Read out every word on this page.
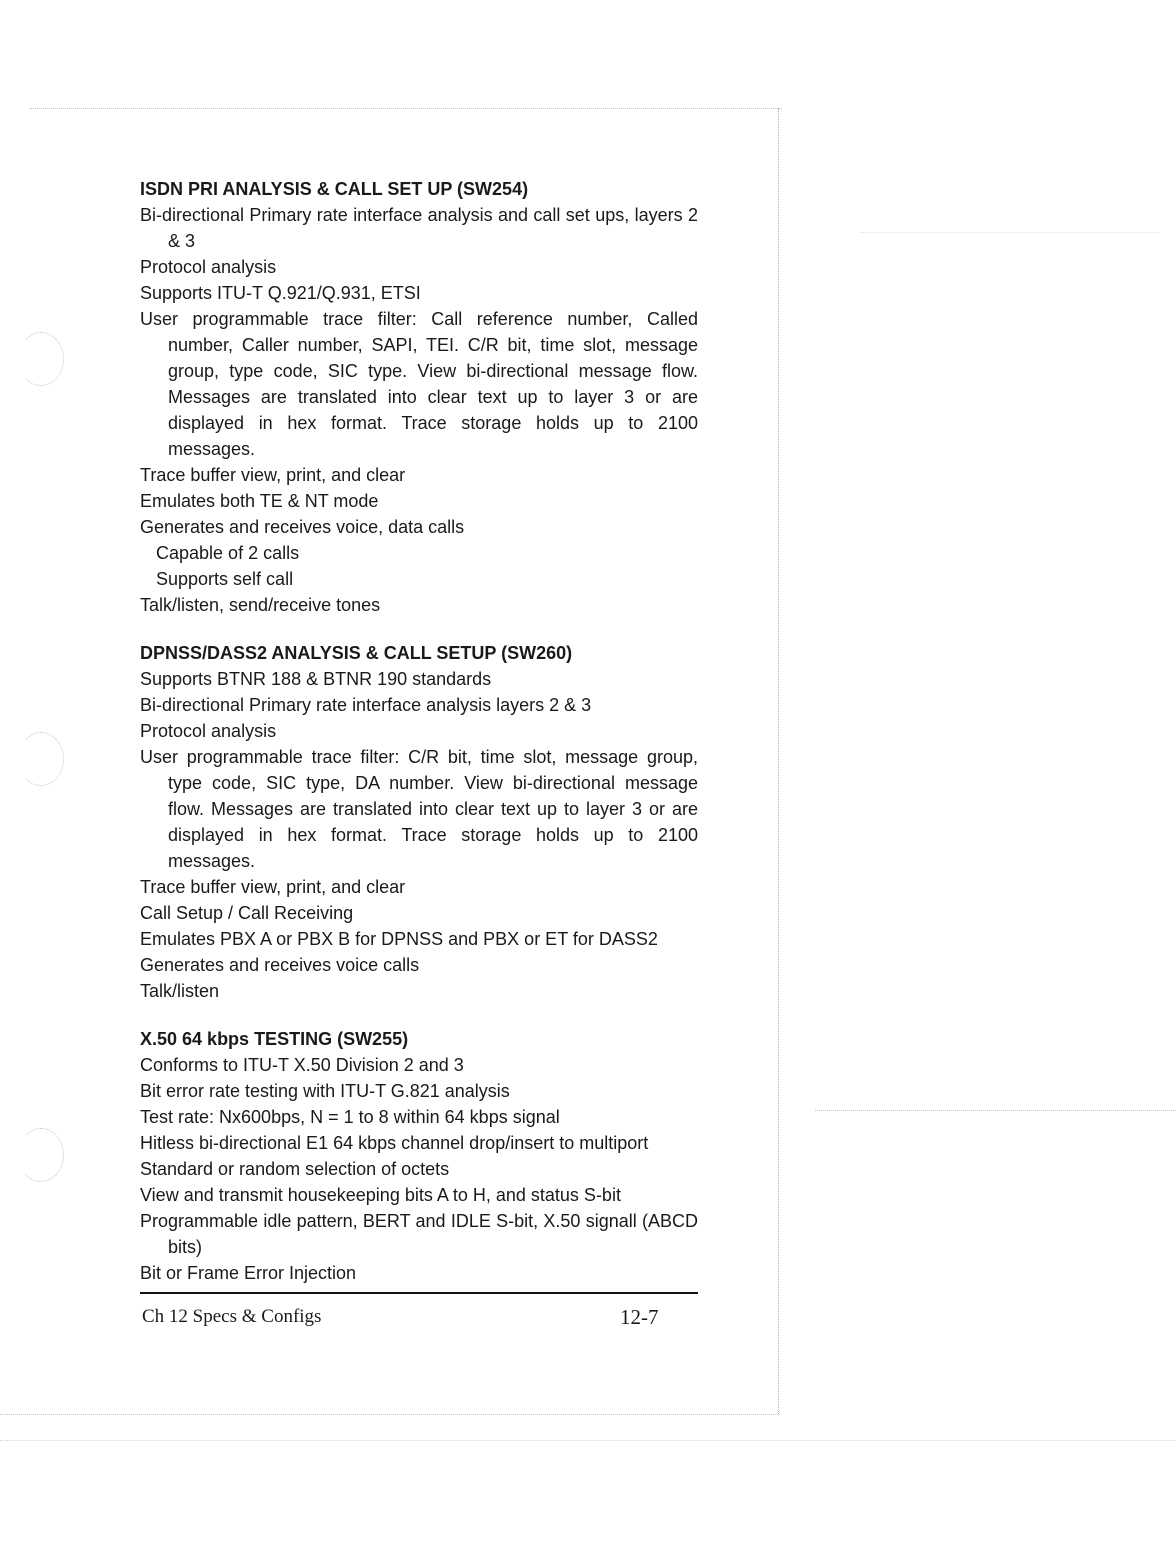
ISDN PRI ANALYSIS & CALL SET UP (SW254)

Bi-directional Primary rate interface analysis and call set ups, layers 2 & 3

Protocol analysis

Supports ITU-T Q.921/Q.931, ETSI

User programmable trace filter: Call reference number, Called number, Caller number, SAPI, TEI. C/R bit, time slot, message group, type code, SIC type. View bi-directional message flow. Messages are translated into clear text up to layer 3 or are displayed in hex format. Trace storage holds up to 2100 messages.

Trace buffer view, print, and clear

Emulates both TE & NT mode

Generates and receives voice, data calls

Capable of 2 calls

Supports self call

Talk/listen, send/receive tones

DPNSS/DASS2 ANALYSIS & CALL SETUP (SW260)

Supports BTNR 188 & BTNR 190 standards

Bi-directional Primary rate interface analysis layers 2 & 3

Protocol analysis

User programmable trace filter: C/R bit, time slot, message group, type code, SIC type, DA number. View bi-directional message flow. Messages are translated into clear text up to layer 3 or are displayed in hex format. Trace storage holds up to 2100 messages.

Trace buffer view, print, and clear

Call Setup / Call Receiving

Emulates PBX A or PBX B for DPNSS and PBX or ET for DASS2

Generates and receives voice calls

Talk/listen

X.50 64 kbps TESTING (SW255)

Conforms to ITU-T X.50 Division 2 and 3

Bit error rate testing with ITU-T G.821 analysis

Test rate: Nx600bps, N = 1 to 8 within 64 kbps signal

Hitless bi-directional E1 64 kbps channel drop/insert to multiport

Standard or random selection of octets

View and transmit housekeeping bits A to H, and status S-bit

Programmable idle pattern, BERT and IDLE S-bit, X.50 signall (ABCD bits)

Bit or Frame Error Injection

Ch 12 Specs & Configs	12-7
